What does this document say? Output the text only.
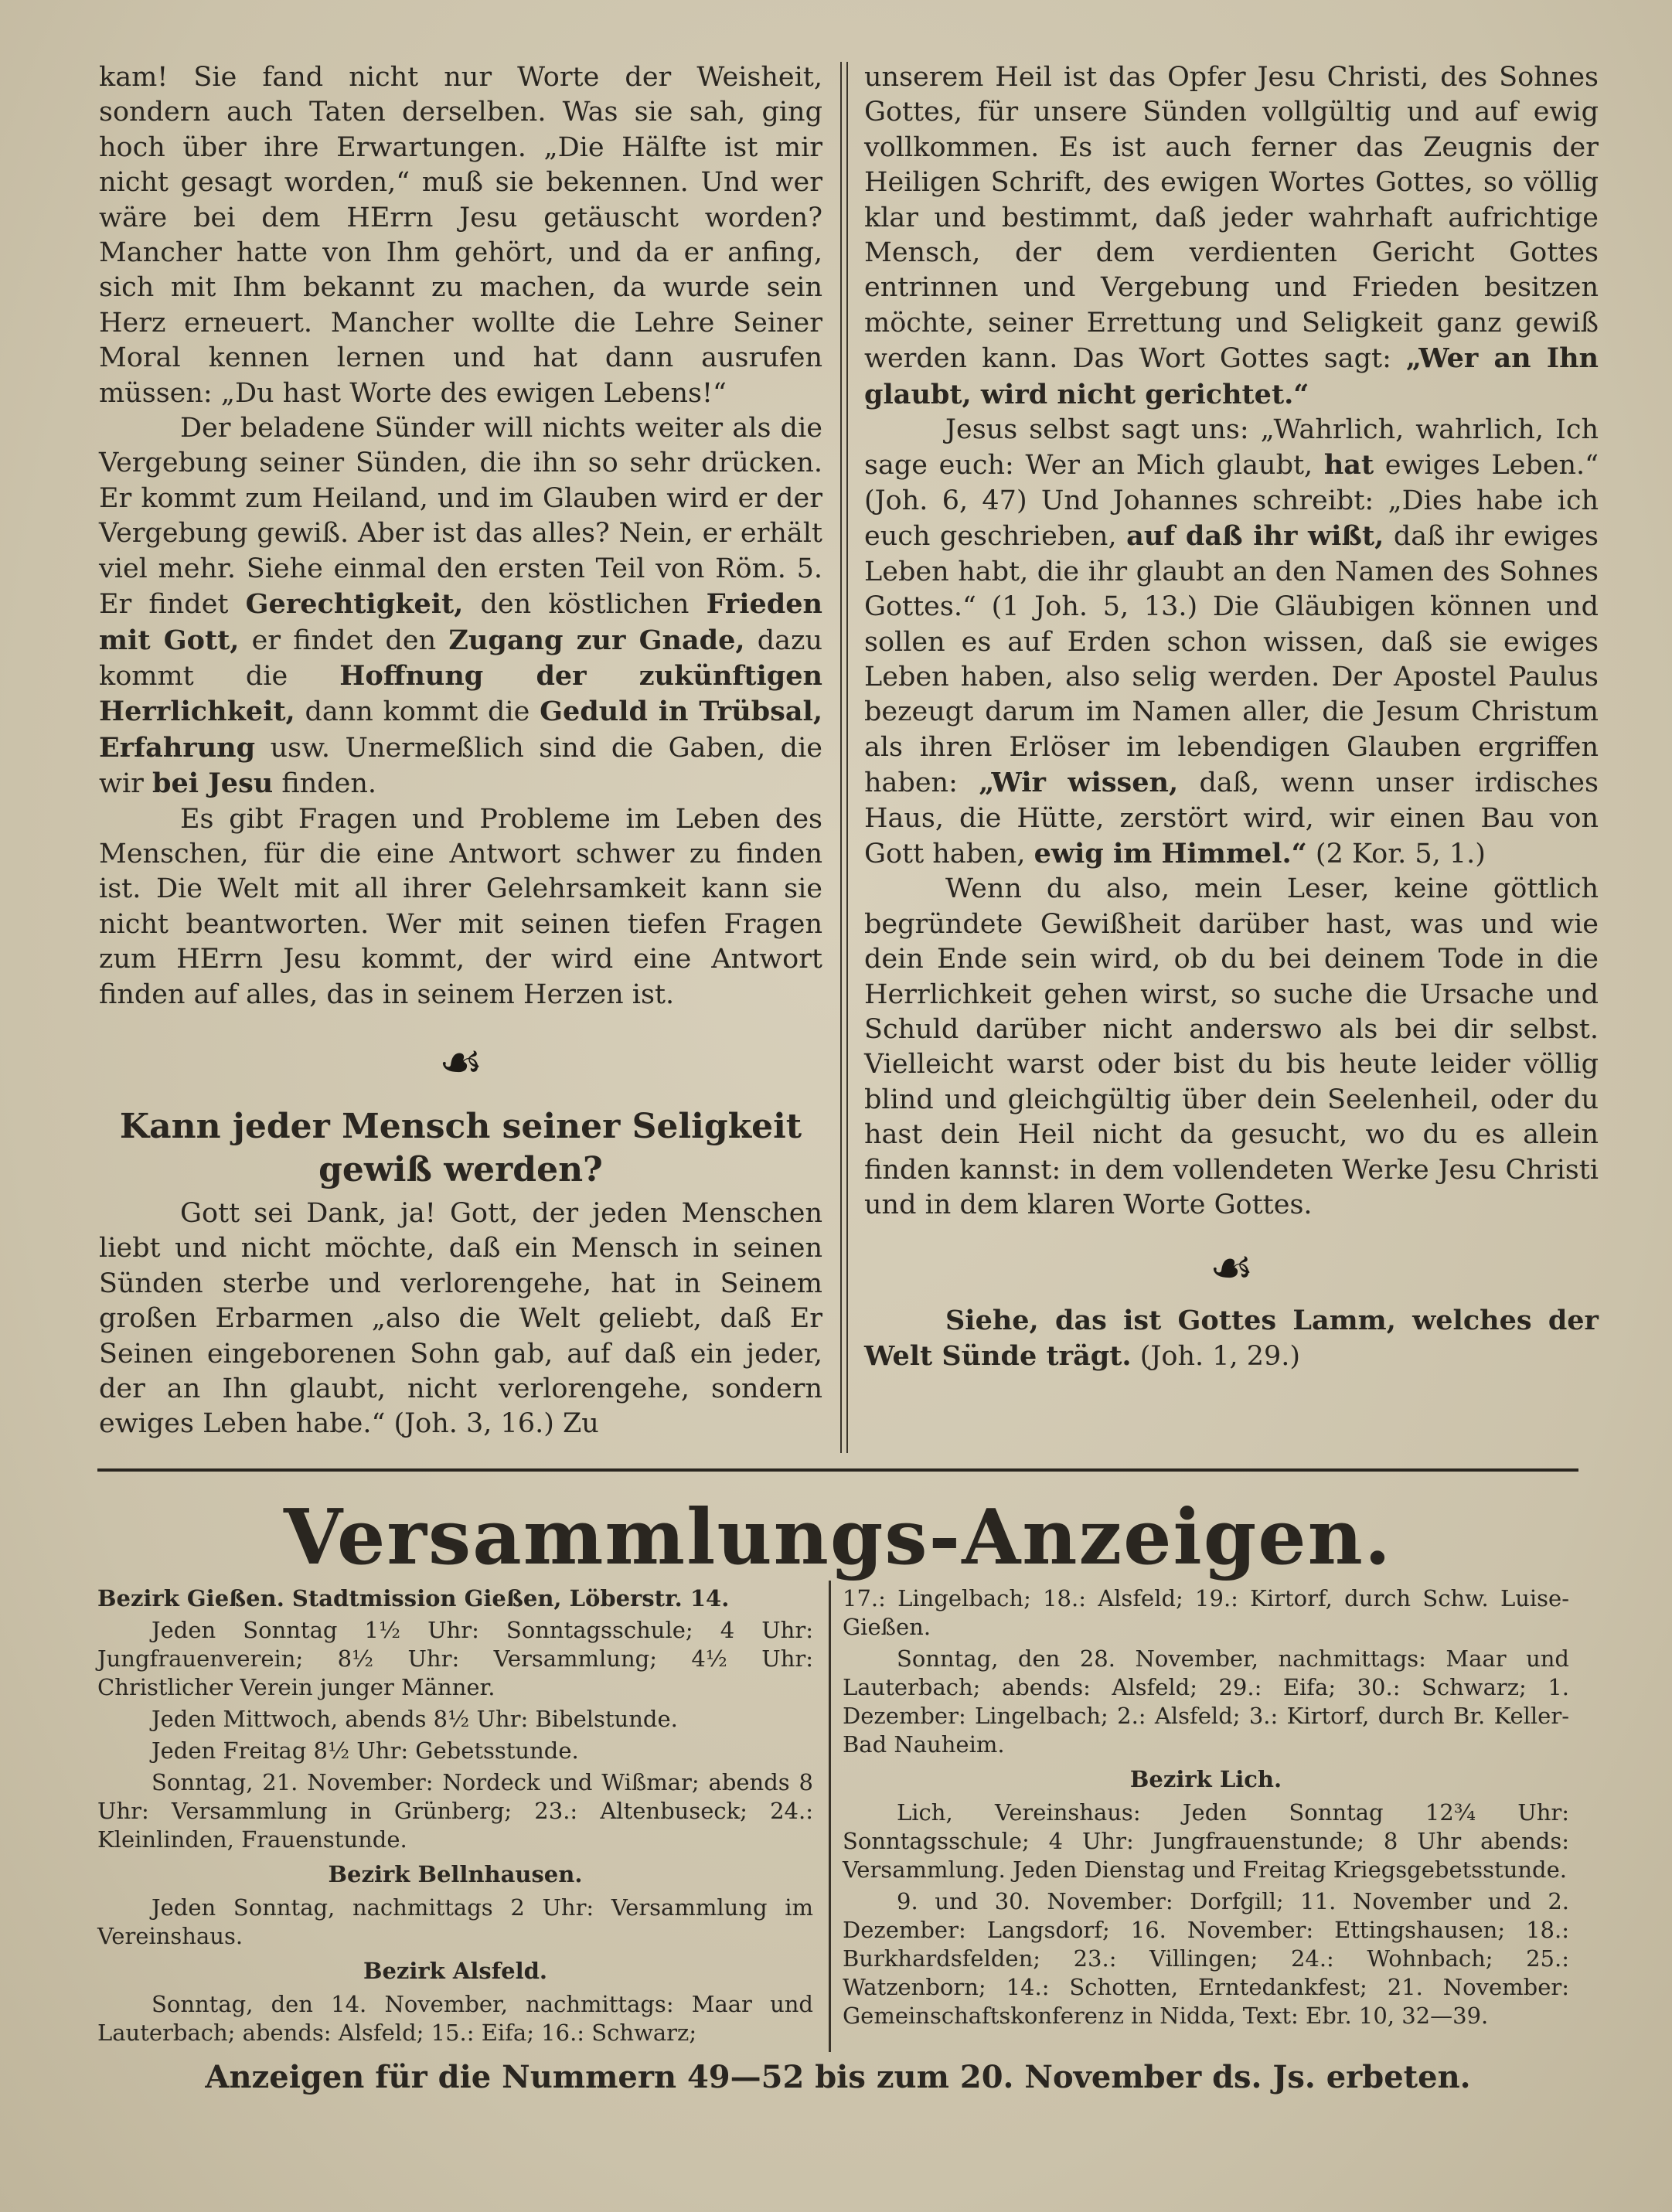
kam! Sie fand nicht nur Worte der Weisheit, sondern auch Taten derselben. Was sie sah, ging hoch über ihre Erwartungen. „Die Hälfte ist mir nicht gesagt worden,“ muß sie bekennen. Und wer wäre bei dem HErrn Jesu getäuscht worden? Mancher hatte von Ihm gehört, und da er anfing, sich mit Ihm bekannt zu machen, da wurde sein Herz erneuert. Mancher wollte die Lehre Seiner Moral kennen lernen und hat dann ausrufen müssen: „Du hast Worte des ewigen Lebens!“

Der beladene Sünder will nichts weiter als die Vergebung seiner Sünden, die ihn so sehr drücken. Er kommt zum Heiland, und im Glauben wird er der Vergebung gewiß. Aber ist das alles? Nein, er erhält viel mehr. Siehe einmal den ersten Teil von Röm. 5. Er findet Gerechtigkeit, den köstlichen Frieden mit Gott, er findet den Zugang zur Gnade, dazu kommt die Hoffnung der zukünftigen Herrlichkeit, dann kommt die Geduld in Trübsal, Erfahrung usw. Unermeßlich sind die Gaben, die wir bei Jesu finden.

Es gibt Fragen und Probleme im Leben des Menschen, für die eine Antwort schwer zu finden ist. Die Welt mit all ihrer Gelehrsamkeit kann sie nicht beantworten. Wer mit seinen tiefen Fragen zum HErrn Jesu kommt, der wird eine Antwort finden auf alles, das in seinem Herzen ist.

☙
Kann jeder Mensch seiner Seligkeit gewiß werden?

Gott sei Dank, ja! Gott, der jeden Menschen liebt und nicht möchte, daß ein Mensch in seinen Sünden sterbe und verlorengehe, hat in Seinem großen Erbarmen „also die Welt geliebt, daß Er Seinen eingeborenen Sohn gab, auf daß ein jeder, der an Ihn glaubt, nicht verlorengehe, sondern ewiges Leben habe.“ (Joh. 3, 16.) Zu

unserem Heil ist das Opfer Jesu Christi, des Sohnes Gottes, für unsere Sünden vollgültig und auf ewig vollkommen. Es ist auch ferner das Zeugnis der Heiligen Schrift, des ewigen Wortes Gottes, so völlig klar und bestimmt, daß jeder wahrhaft aufrichtige Mensch, der dem verdienten Gericht Gottes entrinnen und Vergebung und Frieden besitzen möchte, seiner Errettung und Seligkeit ganz gewiß werden kann. Das Wort Gottes sagt: „Wer an Ihn glaubt, wird nicht gerichtet.“

Jesus selbst sagt uns: „Wahrlich, wahrlich, Ich sage euch: Wer an Mich glaubt, hat ewiges Leben.“ (Joh. 6, 47) Und Johannes schreibt: „Dies habe ich euch geschrieben, auf daß ihr wißt, daß ihr ewiges Leben habt, die ihr glaubt an den Namen des Sohnes Gottes.“ (1 Joh. 5, 13.) Die Gläubigen können und sollen es auf Erden schon wissen, daß sie ewiges Leben haben, also selig werden. Der Apostel Paulus bezeugt darum im Namen aller, die Jesum Christum als ihren Erlöser im lebendigen Glauben ergriffen haben: „Wir wissen, daß, wenn unser irdisches Haus, die Hütte, zerstört wird, wir einen Bau von Gott haben, ewig im Himmel.“ (2 Kor. 5, 1.)

Wenn du also, mein Leser, keine göttlich begründete Gewißheit darüber hast, was und wie dein Ende sein wird, ob du bei deinem Tode in die Herrlichkeit gehen wirst, so suche die Ursache und Schuld darüber nicht anderswo als bei dir selbst. Vielleicht warst oder bist du bis heute leider völlig blind und gleichgültig über dein Seelenheil, oder du hast dein Heil nicht da gesucht, wo du es allein finden kannst: in dem vollendeten Werke Jesu Christi und in dem klaren Worte Gottes.

☙

Siehe, das ist Gottes Lamm, welches der Welt Sünde trägt. (Joh. 1, 29.)

Versammlungs-Anzeigen.

Bezirk Gießen. Stadtmission Gießen, Löberstr. 14.

Jeden Sonntag 1½ Uhr: Sonntagsschule; 4 Uhr: Jungfrauenverein; 8½ Uhr: Versammlung; 4½ Uhr: Christlicher Verein junger Männer.

Jeden Mittwoch, abends 8½ Uhr: Bibelstunde.

Jeden Freitag 8½ Uhr: Gebetsstunde.

Sonntag, 21. November: Nordeck und Wißmar; abends 8 Uhr: Versammlung in Grünberg; 23.: Altenbuseck; 24.: Kleinlinden, Frauenstunde.

Bezirk Bellnhausen.

Jeden Sonntag, nachmittags 2 Uhr: Versammlung im Vereinshaus.

Bezirk Alsfeld.

Sonntag, den 14. November, nachmittags: Maar und Lauterbach; abends: Alsfeld; 15.: Eifa; 16.: Schwarz;

17.: Lingelbach; 18.: Alsfeld; 19.: Kirtorf, durch Schw. Luise-Gießen.

Sonntag, den 28. November, nachmittags: Maar und Lauterbach; abends: Alsfeld; 29.: Eifa; 30.: Schwarz; 1. Dezember: Lingelbach; 2.: Alsfeld; 3.: Kirtorf, durch Br. Keller-Bad Nauheim.

Bezirk Lich.

Lich, Vereinshaus: Jeden Sonntag 12¾ Uhr: Sonntagsschule; 4 Uhr: Jungfrauenstunde; 8 Uhr abends: Versammlung. Jeden Dienstag und Freitag Kriegsgebetsstunde.

9. und 30. November: Dorfgill; 11. November und 2. Dezember: Langsdorf; 16. November: Ettingshausen; 18.: Burkhardsfelden; 23.: Villingen; 24.: Wohnbach; 25.: Watzenborn; 14.: Schotten, Erntedankfest; 21. November: Gemeinschaftskonferenz in Nidda, Text: Ebr. 10, 32—39.

Anzeigen für die Nummern 49—52 bis zum 20. November ds. Js. erbeten.
